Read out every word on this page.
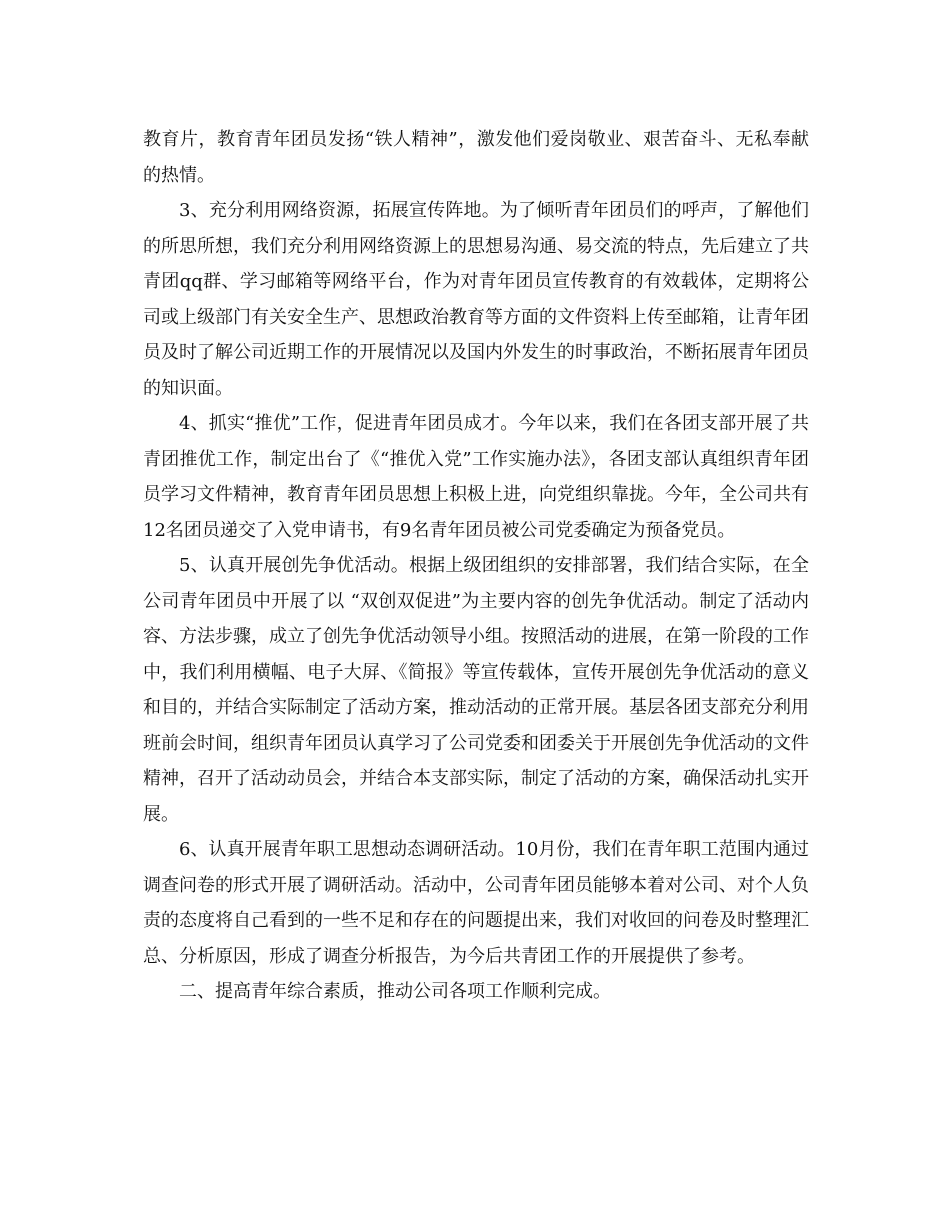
教育片，教育青年团员发扬“铁人精神”，激发他们爱岗敬业、艰苦奋斗、无私奉献的热情。

3、充分利用网络资源，拓展宣传阵地。为了倾听青年团员们的呼声，了解他们的所思所想，我们充分利用网络资源上的思想易沟通、易交流的特点，先后建立了共青团qq群、学习邮箱等网络平台，作为对青年团员宣传教育的有效载体，定期将公司或上级部门有关安全生产、思想政治教育等方面的文件资料上传至邮箱，让青年团员及时了解公司近期工作的开展情况以及国内外发生的时事政治，不断拓展青年团员的知识面。

4、抓实“推优”工作，促进青年团员成才。今年以来，我们在各团支部开展了共青团推优工作，制定出台了《“推优入党”工作实施办法》，各团支部认真组织青年团员学习文件精神，教育青年团员思想上积极上进，向党组织靠拢。今年，全公司共有12名团员递交了入党申请书，有9名青年团员被公司党委确定为预备党员。

5、认真开展创先争优活动。根据上级团组织的安排部署，我们结合实际，在全公司青年团员中开展了以 “双创双促进”为主要内容的创先争优活动。制定了活动内容、方法步骤，成立了创先争优活动领导小组。按照活动的进展，在第一阶段的工作中，我们利用横幅、电子大屏、《简报》等宣传载体，宣传开展创先争优活动的意义和目的，并结合实际制定了活动方案，推动活动的正常开展。基层各团支部充分利用班前会时间，组织青年团员认真学习了公司党委和团委关于开展创先争优活动的文件精神，召开了活动动员会，并结合本支部实际，制定了活动的方案，确保活动扎实开展。

6、认真开展青年职工思想动态调研活动。10月份，我们在青年职工范围内通过调查问卷的形式开展了调研活动。活动中，公司青年团员能够本着对公司、对个人负责的态度将自己看到的一些不足和存在的问题提出来，我们对收回的问卷及时整理汇总、分析原因，形成了调查分析报告，为今后共青团工作的开展提供了参考。

二、提高青年综合素质，推动公司各项工作顺利完成。
